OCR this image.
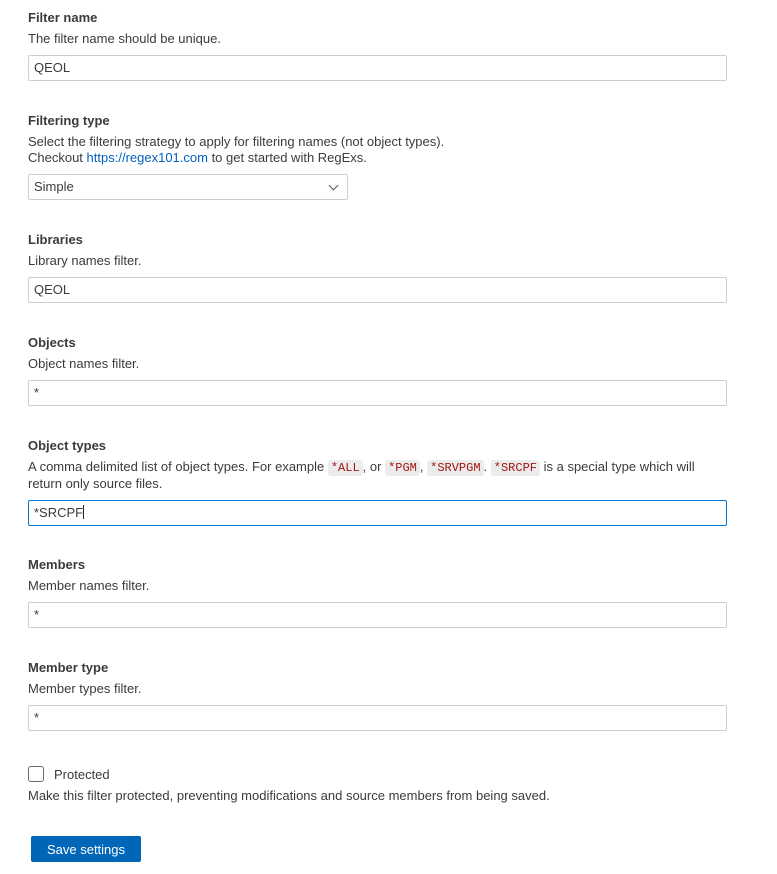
Filter name
The filter name should be unique.
QEOL
Filtering type
Select the filtering strategy to apply for filtering names (not object types).
Checkout https://regex101.com to get started with RegExs.
Simple
Libraries
Library names filter.
QEOL
Objects
Object names filter.
*
Object types
A comma delimited list of object types. For example *ALL , or *PGM , *SRVPGM . *SRCPF is a special type which will return only source files.
*SRCPF
Members
Member names filter.
*
Member type
Member types filter.
*
Protected
Make this filter protected, preventing modifications and source members from being saved.
Save settings
